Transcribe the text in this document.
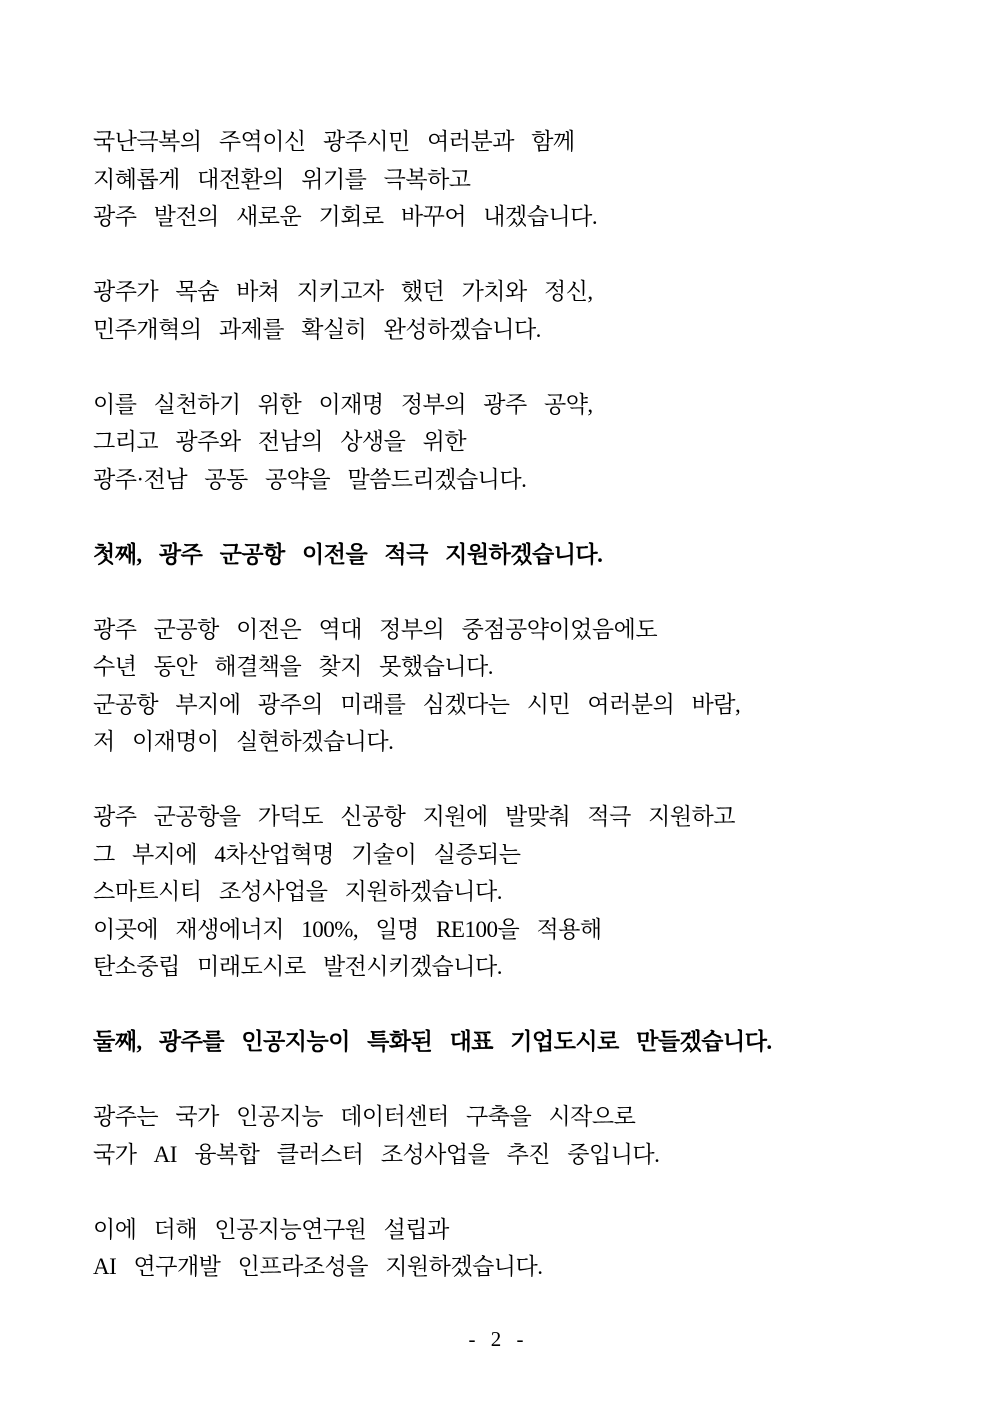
국난극복의 주역이신 광주시민 여러분과 함께
지혜롭게 대전환의 위기를 극복하고
광주 발전의 새로운 기회로 바꾸어 내겠습니다.

광주가 목숨 바쳐 지키고자 했던 가치와 정신,
민주개혁의 과제를 확실히 완성하겠습니다.

이를 실천하기 위한 이재명 정부의 광주 공약,
그리고 광주와 전남의 상생을 위한
광주·전남 공동 공약을 말씀드리겠습니다.

첫째, 광주 군공항 이전을 적극 지원하겠습니다.

광주 군공항 이전은 역대 정부의 중점공약이었음에도
수년 동안 해결책을 찾지 못했습니다.
군공항 부지에 광주의 미래를 심겠다는 시민 여러분의 바람,
저 이재명이 실현하겠습니다.

광주 군공항을 가덕도 신공항 지원에 발맞춰 적극 지원하고
그 부지에 4차산업혁명 기술이 실증되는
스마트시티 조성사업을 지원하겠습니다.
이곳에 재생에너지 100%, 일명 RE100을 적용해
탄소중립 미래도시로 발전시키겠습니다.

둘째, 광주를 인공지능이 특화된 대표 기업도시로 만들겠습니다.

광주는 국가 인공지능 데이터센터 구축을 시작으로
국가 AI 융복합 클러스터 조성사업을 추진 중입니다.

이에 더해 인공지능연구원 설립과
AI 연구개발 인프라조성을 지원하겠습니다.

- 2 -
